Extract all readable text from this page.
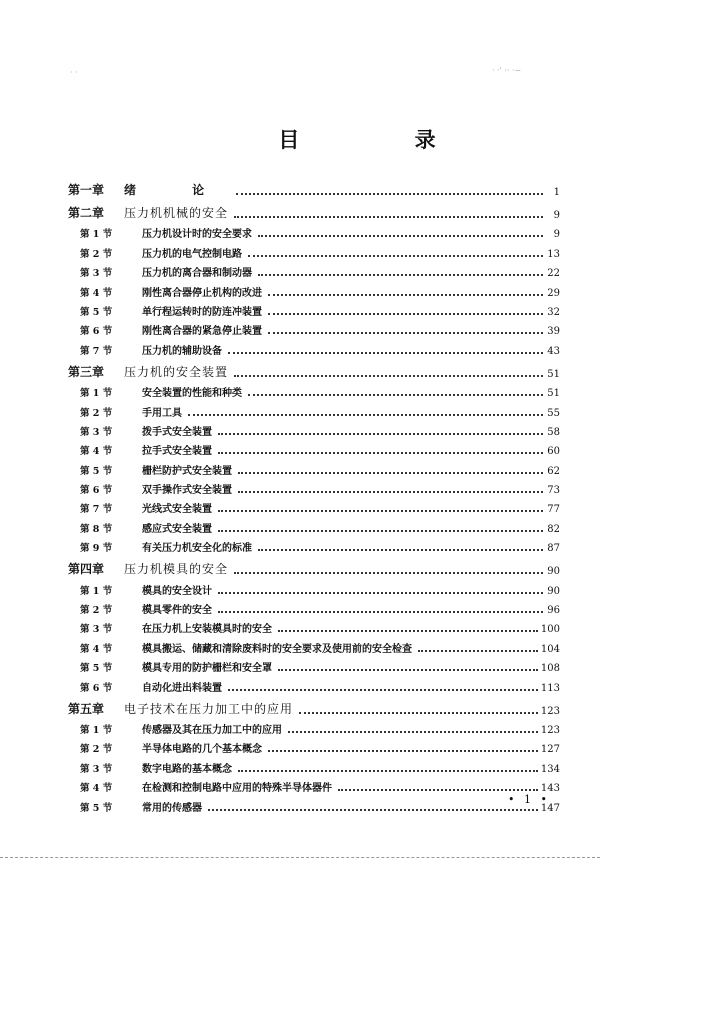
· ·	· ·' ·· ·~
目 录
第一章	绪 论	1
第二章	压力机机械的安全	9
第 1 节	压力机设计时的安全要求	9
第 2 节	压力机的电气控制电路	13
第 3 节	压力机的离合器和制动器	22
第 4 节	刚性离合器停止机构的改进	29
第 5 节	单行程运转时的防连冲装置	32
第 6 节	刚性离合器的紧急停止装置	39
第 7 节	压力机的辅助设备	43
第三章	压力机的安全装置	51
第 1 节	安全装置的性能和种类	51
第 2 节	手用工具	55
第 3 节	拨手式安全装置	58
第 4 节	拉手式安全装置	60
第 5 节	栅栏防护式安全装置	62
第 6 节	双手操作式安全装置	73
第 7 节	光线式安全装置	77
第 8 节	感应式安全装置	82
第 9 节	有关压力机安全化的标准	87
第四章	压力机模具的安全	90
第 1 节	模具的安全设计	90
第 2 节	模具零件的安全	96
第 3 节	在压力机上安装模具时的安全	100
第 4 节	模具搬运、储藏和清除废料时的安全要求及使用前的安全检查	104
第 5 节	模具专用的防护栅栏和安全罩	108
第 6 节	自动化进出料装置	113
第五章	电子技术在压力加工中的应用	123
第 1 节	传感器及其在压力加工中的应用	123
第 2 节	半导体电路的几个基本概念	127
第 3 节	数字电路的基本概念	134
第 4 节	在检测和控制电路中应用的特殊半导体器件	143
第 5 节	常用的传感器	147
• 1 •
